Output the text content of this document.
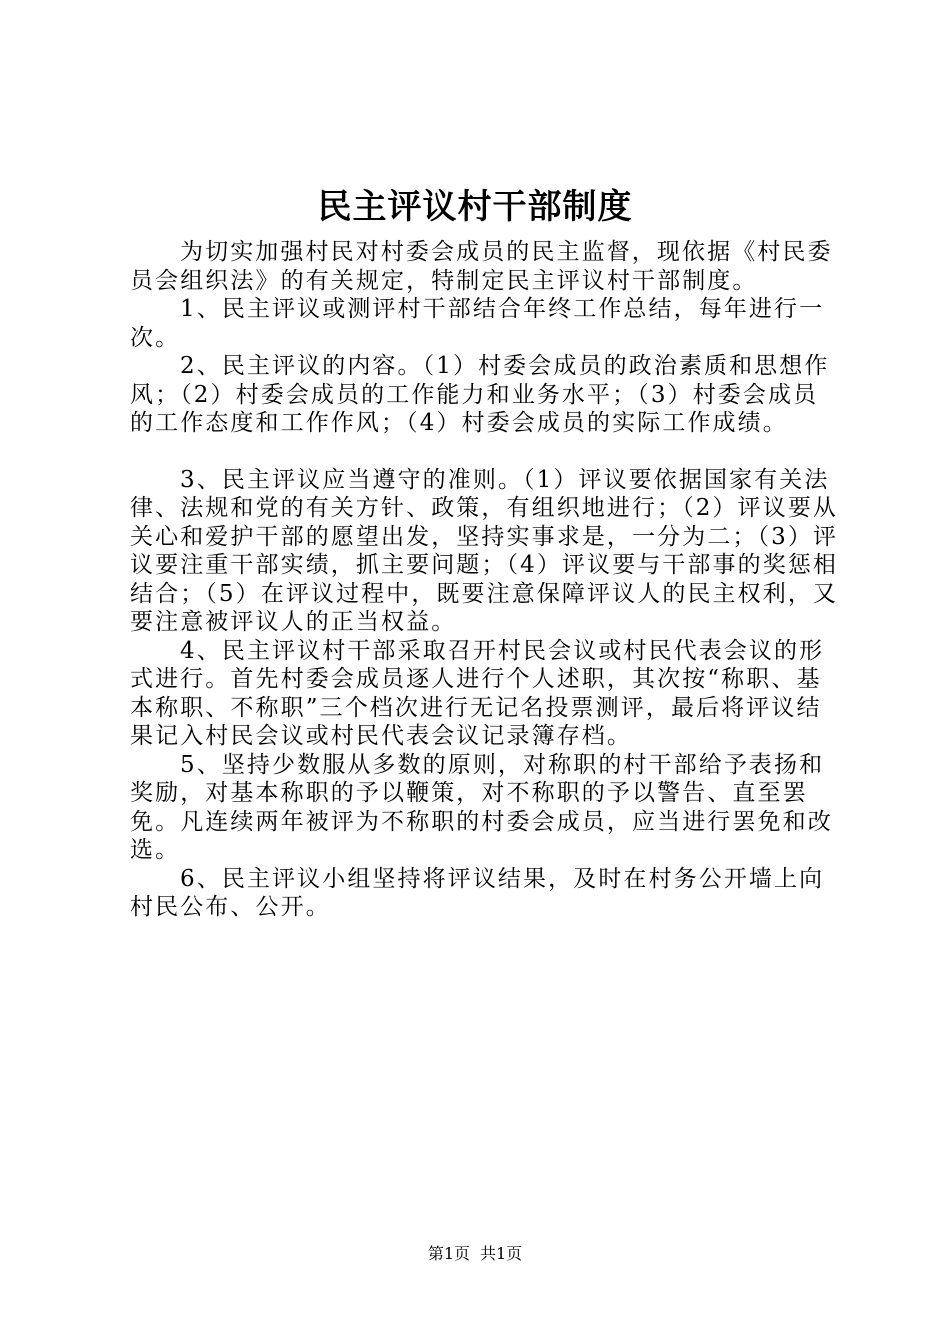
民主评议村干部制度

为切实加强村民对村委会成员的民主监督，现依据《村民委员会组织法》的有关规定，特制定民主评议村干部制度。

1、民主评议或测评村干部结合年终工作总结，每年进行一次。

2、民主评议的内容。（1）村委会成员的政治素质和思想作风；（2）村委会成员的工作能力和业务水平；（3）村委会成员的工作态度和工作作风；（4）村委会成员的实际工作成绩。

3、民主评议应当遵守的准则。（1）评议要依据国家有关法律、法规和党的有关方针、政策，有组织地进行；（2）评议要从关心和爱护干部的愿望出发，坚持实事求是，一分为二；（3）评议要注重干部实绩，抓主要问题；（4）评议要与干部事的奖惩相结合；（5）在评议过程中，既要注意保障评议人的民主权利，又要注意被评议人的正当权益。

4、民主评议村干部采取召开村民会议或村民代表会议的形式进行。首先村委会成员逐人进行个人述职，其次按“称职、基本称职、不称职”三个档次进行无记名投票测评，最后将评议结果记入村民会议或村民代表会议记录簿存档。

5、坚持少数服从多数的原则，对称职的村干部给予表扬和奖励，对基本称职的予以鞭策，对不称职的予以警告、直至罢免。凡连续两年被评为不称职的村委会成员，应当进行罢免和改选。

6、民主评议小组坚持将评议结果，及时在村务公开墙上向村民公布、公开。

第1页 共1页
